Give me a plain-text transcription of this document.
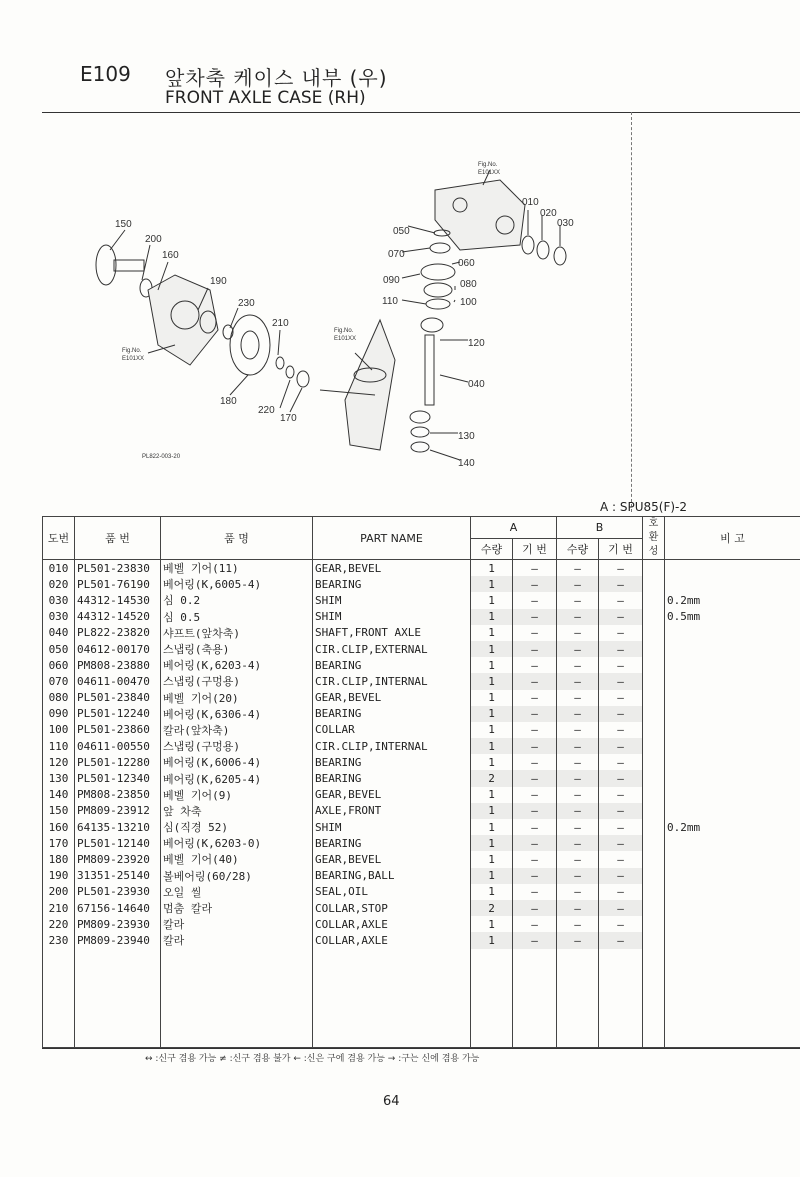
E109 앞차축 케이스 내부 (우)
FRONT AXLE CASE (RH)
150
200
160
190
230
210
180
220
170
010
020
030
050
060
070
080
090
100
110
120
040
130
140
Fig.No.
E101XX
Fig.No.
E101XX
Fig.No.
E101XX
PL822-003-20
A : SPU85(F)-2
도번	품 번	품 명	PART NAME	A		B		호환성	비 고
				수량	기 번	수량	기 번		
010	PL501-23830	베벨 기어(11)	GEAR,BEVEL	1	–	–	–		
020	PL501-76190	베어링(K,6005-4)	BEARING	1	–	–	–		
030	44312-14530	심 0.2	SHIM	1	–	–	–		0.2mm
030	44312-14520	심 0.5	SHIM	1	–	–	–		0.5mm
040	PL822-23820	샤프트(앞차축)	SHAFT,FRONT AXLE	1	–	–	–		
050	04612-00170	스냅링(축용)	CIR.CLIP,EXTERNAL	1	–	–	–		
060	PM808-23880	베어링(K,6203-4)	BEARING	1	–	–	–		
070	04611-00470	스냅링(구멍용)	CIR.CLIP,INTERNAL	1	–	–	–		
080	PL501-23840	베벨 기어(20)	GEAR,BEVEL	1	–	–	–		
090	PL501-12240	베어링(K,6306-4)	BEARING	1	–	–	–		
100	PL501-23860	칼라(앞차축)	COLLAR	1	–	–	–		
110	04611-00550	스냅링(구멍용)	CIR.CLIP,INTERNAL	1	–	–	–		
120	PL501-12280	베어링(K,6006-4)	BEARING	1	–	–	–		
130	PL501-12340	베어링(K,6205-4)	BEARING	2	–	–	–		
140	PM808-23850	베벨 기어(9)	GEAR,BEVEL	1	–	–	–		
150	PM809-23912	앞 차축	AXLE,FRONT	1	–	–	–		
160	64135-13210	심(직경 52)	SHIM	1	–	–	–		0.2mm
170	PL501-12140	베어링(K,6203-0)	BEARING	1	–	–	–		
180	PM809-23920	베벨 기어(40)	GEAR,BEVEL	1	–	–	–		
190	31351-25140	볼베어링(60/28)	BEARING,BALL	1	–	–	–		
200	PL501-23930	오일 씰	SEAL,OIL	1	–	–	–		
210	67156-14640	멈춤 칼라	COLLAR,STOP	2	–	–	–		
220	PM809-23930	칼라	COLLAR,AXLE	1	–	–	–		
230	PM809-23940	칼라	COLLAR,AXLE	1	–	–	–		

↔ :신구 겸용 가능 ≠ :신구 겸용 불가 ← :신은 구에 겸용 가능 → :구는 신에 겸용 가능
64
